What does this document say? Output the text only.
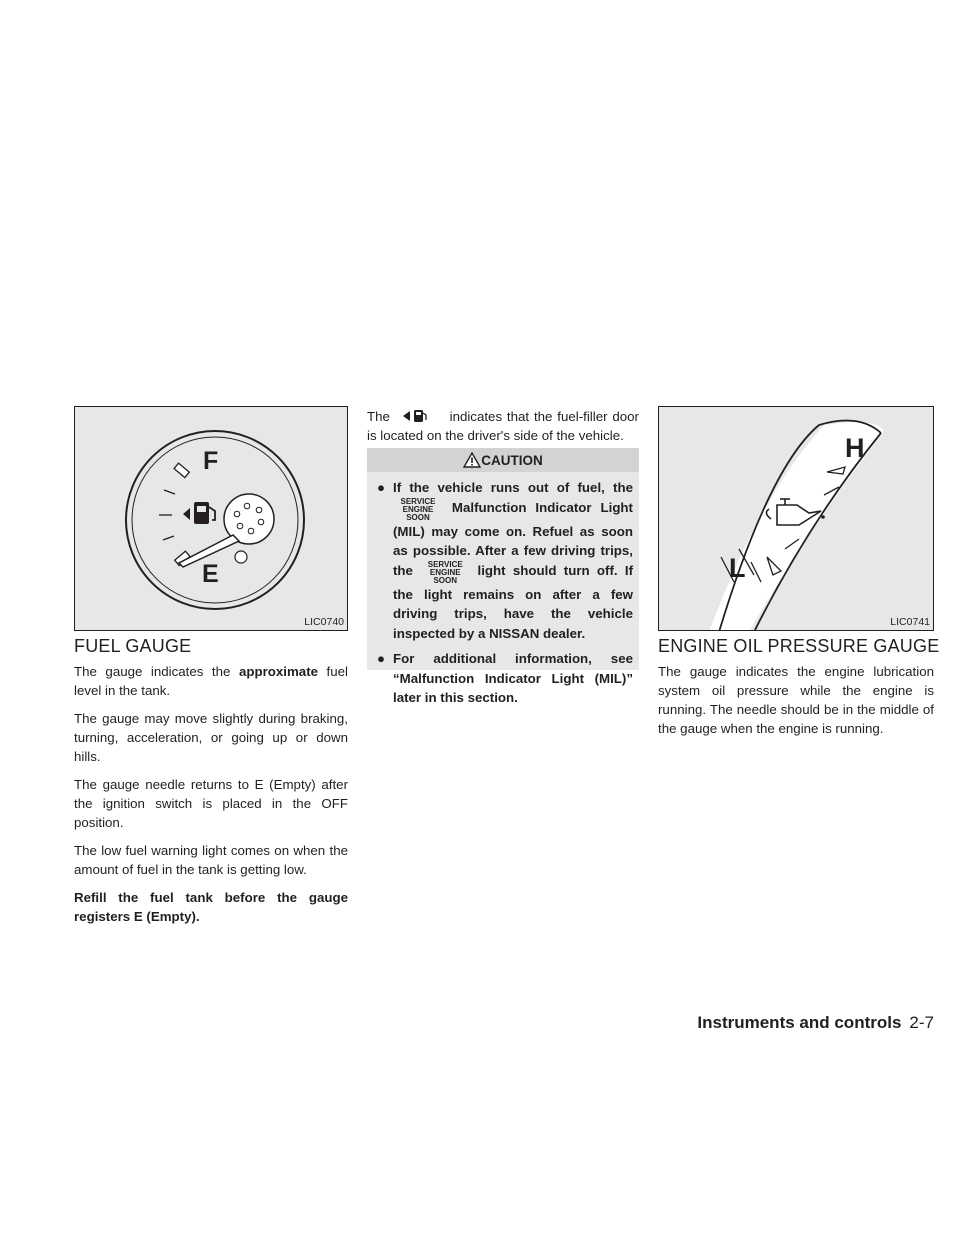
F
E
LIC0740
FUEL GAUGE

The gauge indicates the approximate fuel level in the tank.

The gauge may move slightly during braking, turning, acceleration, or going up or down hills.

The gauge needle returns to E (Empty) after the ignition switch is placed in the OFF position.

The low fuel warning light comes on when the amount of fuel in the tank is getting low.

Refill the fuel tank before the gauge registers E (Empty).

The	indicates that the fuel-filler door is located on the driver's side of the vehicle.

CAUTION
● If the vehicle runs out of fuel, the
SERVICE
ENGINE
SOON
Malfunction Indicator Light (MIL) may come on. Refuel as soon as possible. After a few driving trips, the	SERVICE
ENGINE
SOON
light should turn off. If the light remains on after a few driving trips, have the vehicle inspected by a NISSAN dealer.
● For additional information, see “Malfunction Indicator Light (MIL)” later in this section.
H
L
LIC0741
ENGINE OIL PRESSURE GAUGE

The gauge indicates the engine lubrication system oil pressure while the engine is running. The needle should be in the middle of the gauge when the engine is running.

Instruments and controls 2-7
